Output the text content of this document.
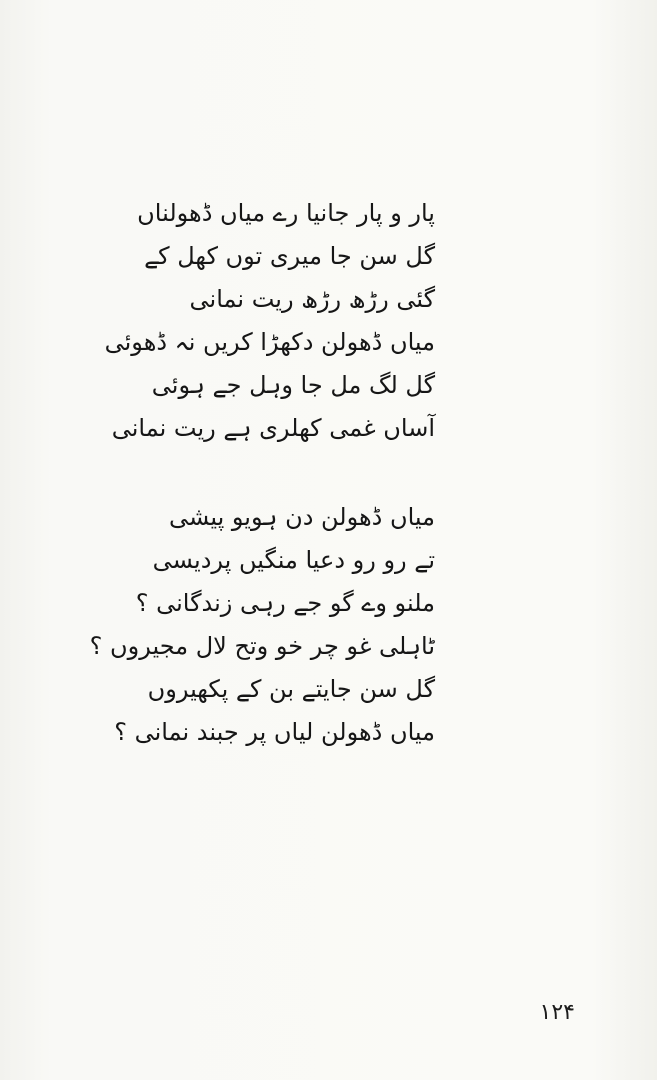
پار و پار جانیا رے میاں ڈھولناں
گل سن جا میری توں کھل کے
گئی رڑھ رڑھ ریت نمانی
میاں ڈھولن دکھڑا کریں نہ ڈھوئی
گل لگ مل جا وہل جے ہوئی
آساں غمی کھلری ہے ریت نمانی
میاں ڈھولن دن ہویو پیشی
تے رو رو دعیا منگیں پردیسی
ملنو وے گو جے رہی زندگانی ؟
ٹاہلی غو چر خو وتح لال مجیروں ؟
گل سن جایتے بن کے پکھیروں
میاں ڈھولن لیاں پر جبند نمانی ؟
۱۲۴
